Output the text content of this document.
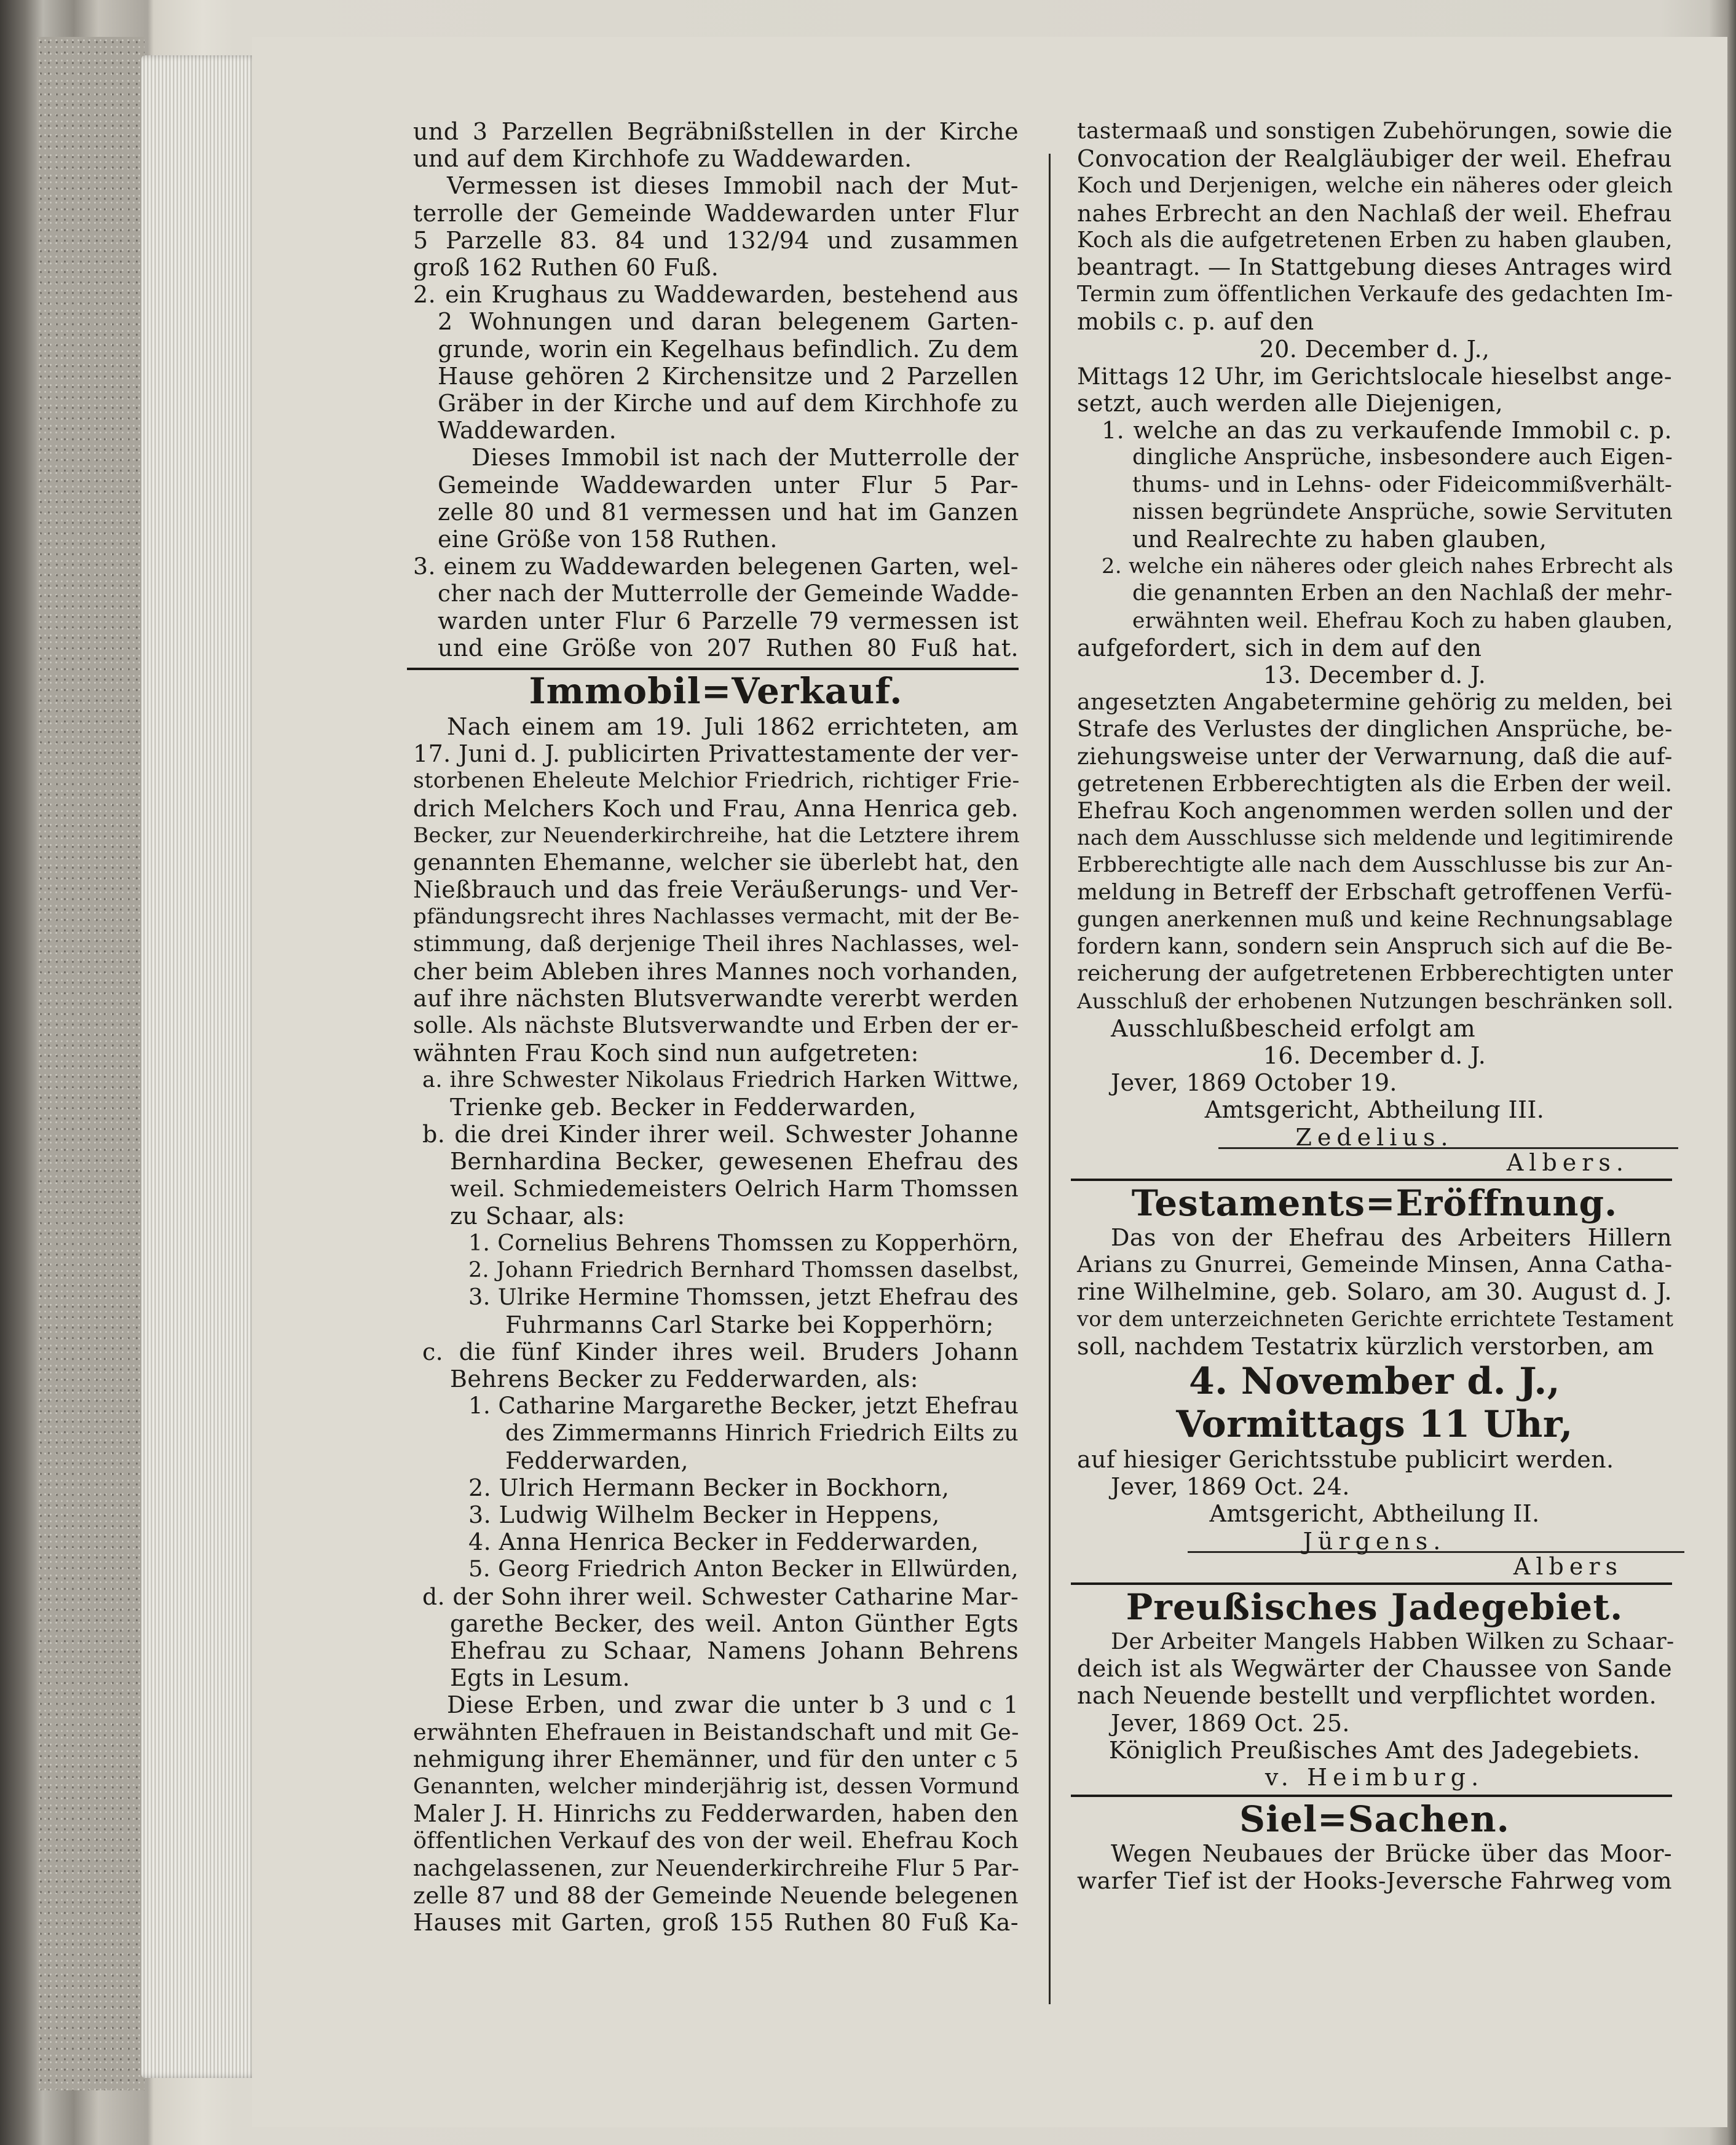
und 3 Parzellen Begräbnißstellen in der Kirche

und auf dem Kirchhofe zu Waddewarden.

Vermessen ist dieses Immobil nach der Mut-

terrolle der Gemeinde Waddewarden unter Flur

5 Parzelle 83. 84 und 132/94 und zusammen

groß 162 Ruthen 60 Fuß.

2. ein Krughaus zu Waddewarden, bestehend aus

2 Wohnungen und daran belegenem Garten-

grunde, worin ein Kegelhaus befindlich. Zu dem

Hause gehören 2 Kirchensitze und 2 Parzellen

Gräber in der Kirche und auf dem Kirchhofe zu

Waddewarden.

Dieses Immobil ist nach der Mutterrolle der

Gemeinde Waddewarden unter Flur 5 Par-

zelle 80 und 81 vermessen und hat im Ganzen

eine Größe von 158 Ruthen.

3. einem zu Waddewarden belegenen Garten, wel-

cher nach der Mutterrolle der Gemeinde Wadde-

warden unter Flur 6 Parzelle 79 vermessen ist

und eine Größe von 207 Ruthen 80 Fuß hat.

Immobil=Verkauf.

Nach einem am 19. Juli 1862 errichteten, am

17. Juni d. J. publicirten Privattestamente der ver-

storbenen Eheleute Melchior Friedrich, richtiger Frie-

drich Melchers Koch und Frau, Anna Henrica geb.

Becker, zur Neuenderkirchreihe, hat die Letztere ihrem

genannten Ehemanne, welcher sie überlebt hat, den

Nießbrauch und das freie Veräußerungs- und Ver-

pfändungsrecht ihres Nachlasses vermacht, mit der Be-

stimmung, daß derjenige Theil ihres Nachlasses, wel-

cher beim Ableben ihres Mannes noch vorhanden,

auf ihre nächsten Blutsverwandte vererbt werden

solle. Als nächste Blutsverwandte und Erben der er-

wähnten Frau Koch sind nun aufgetreten:

a. ihre Schwester Nikolaus Friedrich Harken Wittwe,

Trienke geb. Becker in Fedderwarden,

b. die drei Kinder ihrer weil. Schwester Johanne

Bernhardina Becker, gewesenen Ehefrau des

weil. Schmiedemeisters Oelrich Harm Thomssen

zu Schaar, als:

1. Cornelius Behrens Thomssen zu Kopperhörn,

2. Johann Friedrich Bernhard Thomssen daselbst,

3. Ulrike Hermine Thomssen, jetzt Ehefrau des

Fuhrmanns Carl Starke bei Kopperhörn;

c. die fünf Kinder ihres weil. Bruders Johann

Behrens Becker zu Fedderwarden, als:

1. Catharine Margarethe Becker, jetzt Ehefrau

des Zimmermanns Hinrich Friedrich Eilts zu

Fedderwarden,

2. Ulrich Hermann Becker in Bockhorn,

3. Ludwig Wilhelm Becker in Heppens,

4. Anna Henrica Becker in Fedderwarden,

5. Georg Friedrich Anton Becker in Ellwürden,

d. der Sohn ihrer weil. Schwester Catharine Mar-

garethe Becker, des weil. Anton Günther Egts

Ehefrau zu Schaar, Namens Johann Behrens

Egts in Lesum.

Diese Erben, und zwar die unter b 3 und c 1

erwähnten Ehefrauen in Beistandschaft und mit Ge-

nehmigung ihrer Ehemänner, und für den unter c 5

Genannten, welcher minderjährig ist, dessen Vormund

Maler J. H. Hinrichs zu Fedderwarden, haben den

öffentlichen Verkauf des von der weil. Ehefrau Koch

nachgelassenen, zur Neuenderkirchreihe Flur 5 Par-

zelle 87 und 88 der Gemeinde Neuende belegenen

Hauses mit Garten, groß 155 Ruthen 80 Fuß Ka-

tastermaaß und sonstigen Zubehörungen, sowie die

Convocation der Realgläubiger der weil. Ehefrau

Koch und Derjenigen, welche ein näheres oder gleich

nahes Erbrecht an den Nachlaß der weil. Ehefrau

Koch als die aufgetretenen Erben zu haben glauben,

beantragt. — In Stattgebung dieses Antrages wird

Termin zum öffentlichen Verkaufe des gedachten Im-

mobils c. p. auf den

20. December d. J.,

Mittags 12 Uhr, im Gerichtslocale hieselbst ange-

setzt, auch werden alle Diejenigen,

1. welche an das zu verkaufende Immobil c. p.

dingliche Ansprüche, insbesondere auch Eigen-

thums- und in Lehns- oder Fideicommißverhält-

nissen begründete Ansprüche, sowie Servituten

und Realrechte zu haben glauben,

2. welche ein näheres oder gleich nahes Erbrecht als

die genannten Erben an den Nachlaß der mehr-

erwähnten weil. Ehefrau Koch zu haben glauben,

aufgefordert, sich in dem auf den

13. December d. J.

angesetzten Angabetermine gehörig zu melden, bei

Strafe des Verlustes der dinglichen Ansprüche, be-

ziehungsweise unter der Verwarnung, daß die auf-

getretenen Erbberechtigten als die Erben der weil.

Ehefrau Koch angenommen werden sollen und der

nach dem Ausschlusse sich meldende und legitimirende

Erbberechtigte alle nach dem Ausschlusse bis zur An-

meldung in Betreff der Erbschaft getroffenen Verfü-

gungen anerkennen muß und keine Rechnungsablage

fordern kann, sondern sein Anspruch sich auf die Be-

reicherung der aufgetretenen Erbberechtigten unter

Ausschluß der erhobenen Nutzungen beschränken soll.

Ausschlußbescheid erfolgt am

16. December d. J.

Jever, 1869 October 19.

Amtsgericht, Abtheilung III.

Zedelius.

Albers.

Testaments=Eröffnung.

Das von der Ehefrau des Arbeiters Hillern

Arians zu Gnurrei, Gemeinde Minsen, Anna Catha-

rine Wilhelmine, geb. Solaro, am 30. August d. J.

vor dem unterzeichneten Gerichte errichtete Testament

soll, nachdem Testatrix kürzlich verstorben, am

4. November d. J.,
Vormittags 11 Uhr,

auf hiesiger Gerichtsstube publicirt werden.

Jever, 1869 Oct. 24.

Amtsgericht, Abtheilung II.

Jürgens.

Albers

Preußisches Jadegebiet.

Der Arbeiter Mangels Habben Wilken zu Schaar-

deich ist als Wegwärter der Chaussee von Sande

nach Neuende bestellt und verpflichtet worden.

Jever, 1869 Oct. 25.

Königlich Preußisches Amt des Jadegebiets.

v. Heimburg.

Siel=Sachen.

Wegen Neubaues der Brücke über das Moor-

warfer Tief ist der Hooks-Jeversche Fahrweg vom
